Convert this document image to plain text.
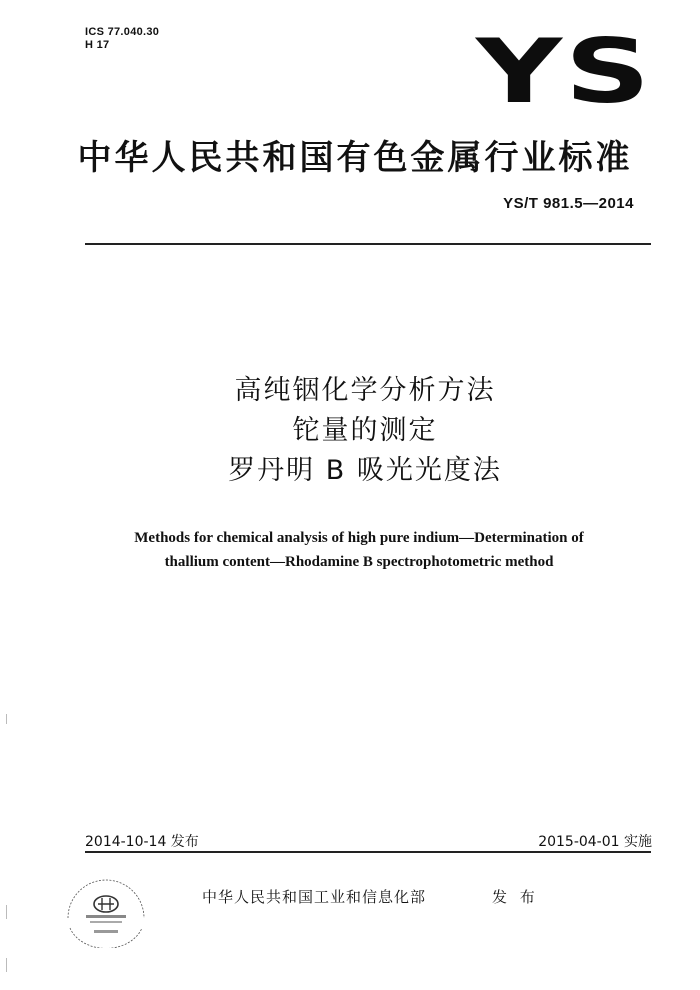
ICS 77.040.30
H 17	YS
中华人民共和国有色金属行业标准
YS/T 981.5—2014
高纯铟化学分析方法
铊量的测定
罗丹明 B 吸光光度法
Methods for chemical analysis of high pure indium—Determination of
thallium content—Rhodamine B spectrophotometric method
2014-10-14 发布	2015-04-01 实施
中华人民共和国工业和信息化部	发 布
